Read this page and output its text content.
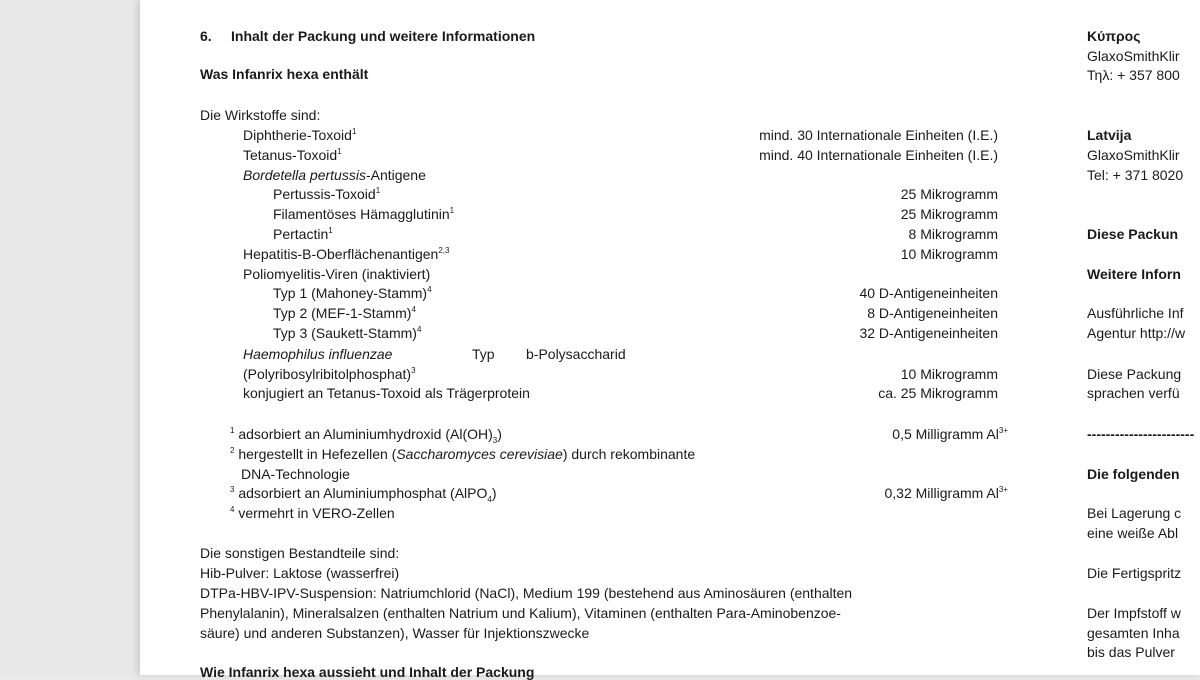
6. Inhalt der Packung und weitere Informationen
Was Infanrix hexa enthält
Die Wirkstoffe sind:
Diphtherie-Toxoid$^1$	mind. 30 Internationale Einheiten (I.E.)
Tetanus-Toxoid$^1$	mind. 40 Internationale Einheiten (I.E.)
Bordetella pertussis-Antigene
Pertussis-Toxoid$^1$	25 Mikrogramm
Filamentöses Hämagglutinin$^1$	25 Mikrogramm
Pertactin$^1$	8 Mikrogramm
Hepatitis-B-Oberflächenantigen$^{2,3}$	10 Mikrogramm
Poliomyelitis-Viren (inaktiviert)
Typ 1 (Mahoney-Stamm)$^4$	40 D-Antigeneinheiten
Typ 2 (MEF-1-Stamm)$^4$	8 D-Antigeneinheiten
Typ 3 (Saukett-Stamm)$^4$	32 D-Antigeneinheiten
Haemophilus influenzae	Typ b-Polysaccharid
(Polyribosylribitolphosphat)$^3$	10 Mikrogramm
konjugiert an Tetanus-Toxoid als Trägerprotein	ca. 25 Mikrogramm
$^1$ adsorbiert an Aluminiumhydroxid $(Al(OH)_3)$	0,5 Milligramm $Al^{3+}$
$^2$ hergestellt in Hefezellen (Saccharomyces cerevisiae) durch rekombinante
DNA-Technologie
$^3$ adsorbiert an Aluminiumphosphat (AlPO$_4$)	0,32 Milligramm $Al^{3+}$
$^4$ vermehrt in VERO-Zellen
Die sonstigen Bestandteile sind:
Hib-Pulver: Laktose (wasserfrei)
DTPa-HBV-IPV-Suspension: Natriumchlorid (NaCl), Medium 199 (bestehend aus Aminosäuren (enthalten
Phenylalanin), Mineralsalzen (enthalten Natrium und Kalium), Vitaminen (enthalten Para-Aminobenzoe-
säure) und anderen Substanzen), Wasser für Injektionszwecke
Wie Infanrix hexa aussieht und Inhalt der Packung
Κύπρος
GlaxoSmithKlir
Τηλ: + 357 800
Latvija
GlaxoSmithKlir
Tel: + 371 8020
Diese Packun
Weitere Inforn
Ausführliche Inf
Agentur http://w
Diese Packung
sprachen verfü
-----------------------
Die folgenden
Bei Lagerung c
eine weiße Abl
Die Fertigspritz
Der Impfstoff w
gesamten Inha
bis das Pulver
